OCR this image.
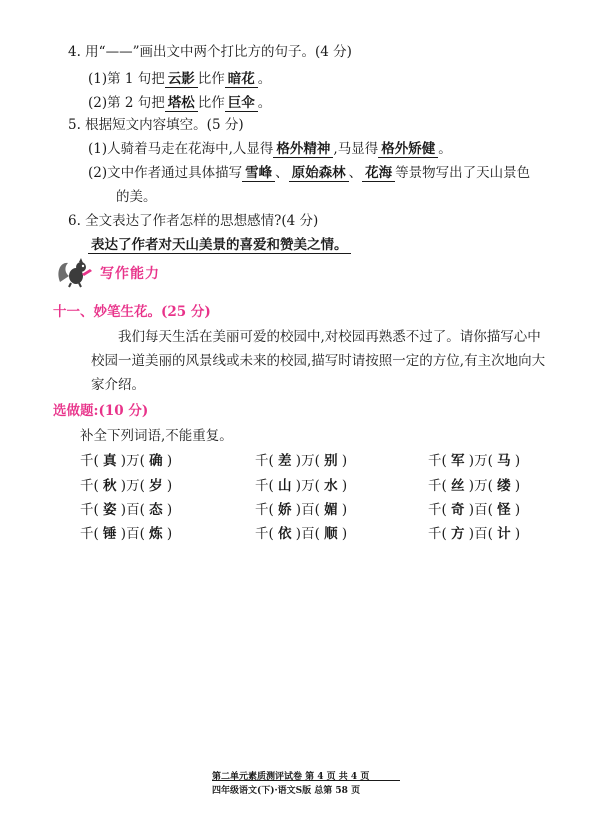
4. 用“——”画出文中两个打比方的句子。(4 分)
(1)第 1 句把 云影 比作 暗花 。
(2)第 2 句把 塔松 比作 巨伞 。
5. 根据短文内容填空。(5 分)
(1)人骑着马走在花海中,人显得 格外精神 ,马显得 格外矫健 。
(2)文中作者通过具体描写 雪峰 、 原始森林 、 花海 等景物写出了天山景色
的美。
6. 全文表达了作者怎样的思想感情?(4 分)
表达了作者对天山美景的喜爱和赞美之情。
写作能力
十一、妙笔生花。(25 分)
我们每天生活在美丽可爱的校园中,对校园再熟悉不过了。请你描写心中
校园一道美丽的风景线或未来的校园,描写时请按照一定的方位,有主次地向大
家介绍。
选做题:(10 分)
补全下列词语,不能重复。
千( 真 )万( 确 )	千( 差 )万( 别 )	千( 军 )万( 马 )
千( 秋 )万( 岁 )	千( 山 )万( 水 )	千( 丝 )万( 缕 )
千( 姿 )百( 态 )	千( 娇 )百( 媚 )	千( 奇 )百( 怪 )
千( 锤 )百( 炼 )	千( 依 )百( 顺 )	千( 方 )百( 计 )
第二单元素质测评试卷 第 4 页 共 4 页
四年级语文(下)·语文S版 总第 58 页
